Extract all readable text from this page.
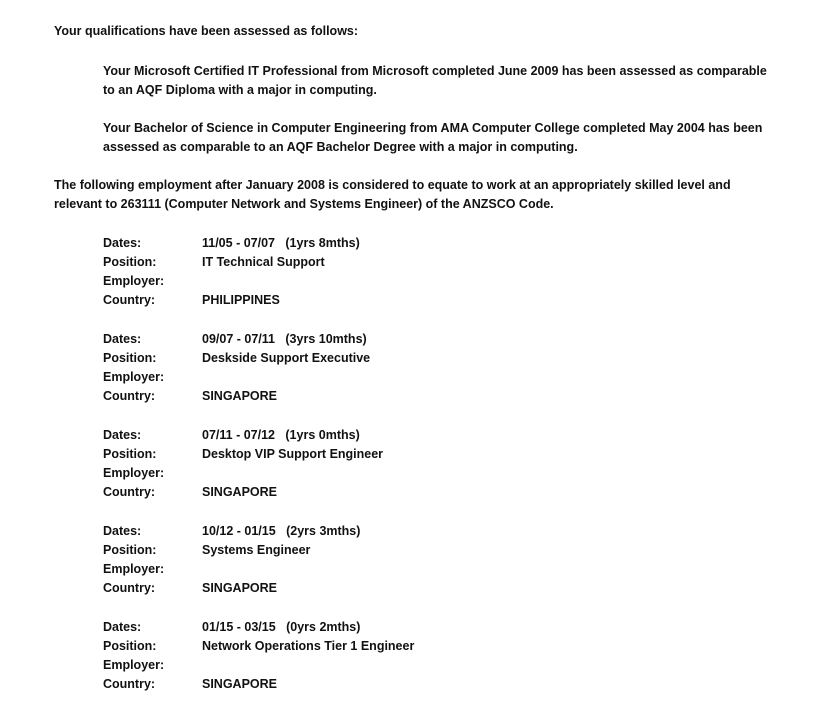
Your qualifications have been assessed as follows:
Your Microsoft Certified IT Professional from Microsoft completed June 2009 has been assessed as comparable
to an AQF Diploma with a major in computing.
Your Bachelor of Science in Computer Engineering from AMA Computer College completed May 2004 has been
assessed as comparable to an AQF Bachelor Degree with a major in computing.
The following employment after January 2008 is considered to equate to work at an appropriately skilled level and
relevant to 263111 (Computer Network and Systems Engineer) of the ANZSCO Code.
Dates:	11/05 - 07/07   (1yrs 8mths)
Position:	IT Technical Support
Employer:
Country:	PHILIPPINES
Dates:	09/07 - 07/11   (3yrs 10mths)
Position:	Deskside Support Executive
Employer:
Country:	SINGAPORE
Dates:	07/11 - 07/12   (1yrs 0mths)
Position:	Desktop VIP Support Engineer
Employer:
Country:	SINGAPORE
Dates:	10/12 - 01/15   (2yrs 3mths)
Position:	Systems Engineer
Employer:
Country:	SINGAPORE
Dates:	01/15 - 03/15   (0yrs 2mths)
Position:	Network Operations Tier 1 Engineer
Employer:
Country:	SINGAPORE
